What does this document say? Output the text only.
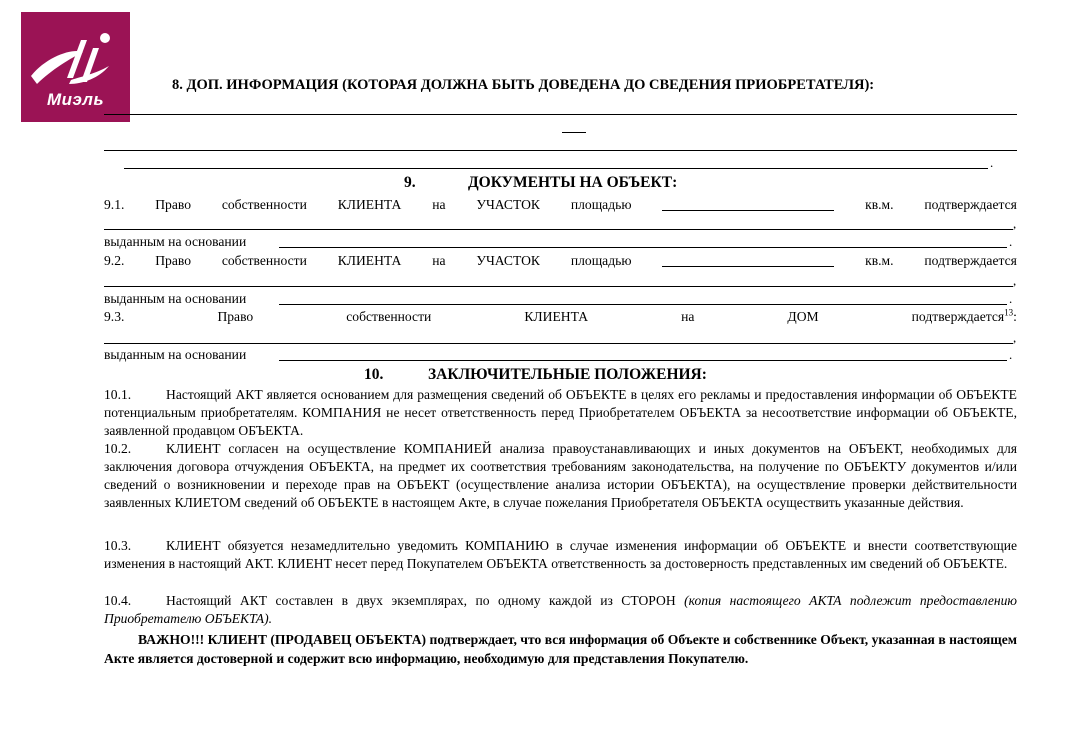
Миэль
8. ДОП. ИНФОРМАЦИЯ (КОТОРАЯ ДОЛЖНА БЫТЬ ДОВЕДЕНА ДО СВЕДЕНИЯ ПРИОБРЕТАТЕЛЯ):
.
9.	ДОКУМЕНТЫ НА ОБЪЕКТ:
9.1. Право собственности КЛИЕНТА на УЧАСТОК площадью	кв.м. подтверждается
,
выданным на основании	.
9.2. Право собственности КЛИЕНТА на УЧАСТОК площадью	кв.м. подтверждается
,
выданным на основании	.
9.3.	Право	собственности	КЛИЕНТА	на	ДОМ	подтверждается$^{13}$:
,
выданным на основании	.
10.	ЗАКЛЮЧИТЕЛЬНЫЕ ПОЛОЖЕНИЯ:
10.1.	Настоящий АКТ является основанием для размещения сведений об ОБЪЕКТЕ в целях его рекламы и предоставления информации об ОБЪЕКТЕ потенциальным приобретателям. КОМПАНИЯ не несет ответственность перед Приобретателем ОБЪЕКТА за несоответствие информации об ОБЪЕКТЕ, заявленной продавцом ОБЪЕКТА.
10.2.	КЛИЕНТ согласен на осуществление КОМПАНИЕЙ анализа правоустанавливающих и иных документов на ОБЪЕКТ, необходимых для заключения договора отчуждения ОБЪЕКТА, на предмет их соответствия требованиям законодательства, на получение по ОБЪЕКТУ документов и/или сведений о возникновении и переходе прав на ОБЪЕКТ (осуществление анализа истории ОБЪЕКТА), на осуществление проверки действительности заявленных КЛИЕТОМ сведений об ОБЪЕКТЕ в настоящем Акте, в случае пожелания Приобретателя ОБЪЕКТА осуществить указанные действия.
10.3.	КЛИЕНТ обязуется незамедлительно уведомить КОМПАНИЮ в случае изменения информации об ОБЪЕКТЕ и внести соответствующие изменения в настоящий АКТ. КЛИЕНТ несет перед Покупателем ОБЪЕКТА ответственность за достоверность представленных им сведений об ОБЪЕКТЕ.
10.4.	Настоящий АКТ составлен в двух экземплярах, по одному каждой из СТОРОН (копия настоящего АКТА подлежит предоставлению Приобретателю ОБЪЕКТА).
ВАЖНО!!! КЛИЕНТ (ПРОДАВЕЦ ОБЪЕКТА) подтверждает, что вся информация об Объекте и собственнике Объект, указанная в настоящем Акте является достоверной и содержит всю информацию, необходимую для представления Покупателю.
